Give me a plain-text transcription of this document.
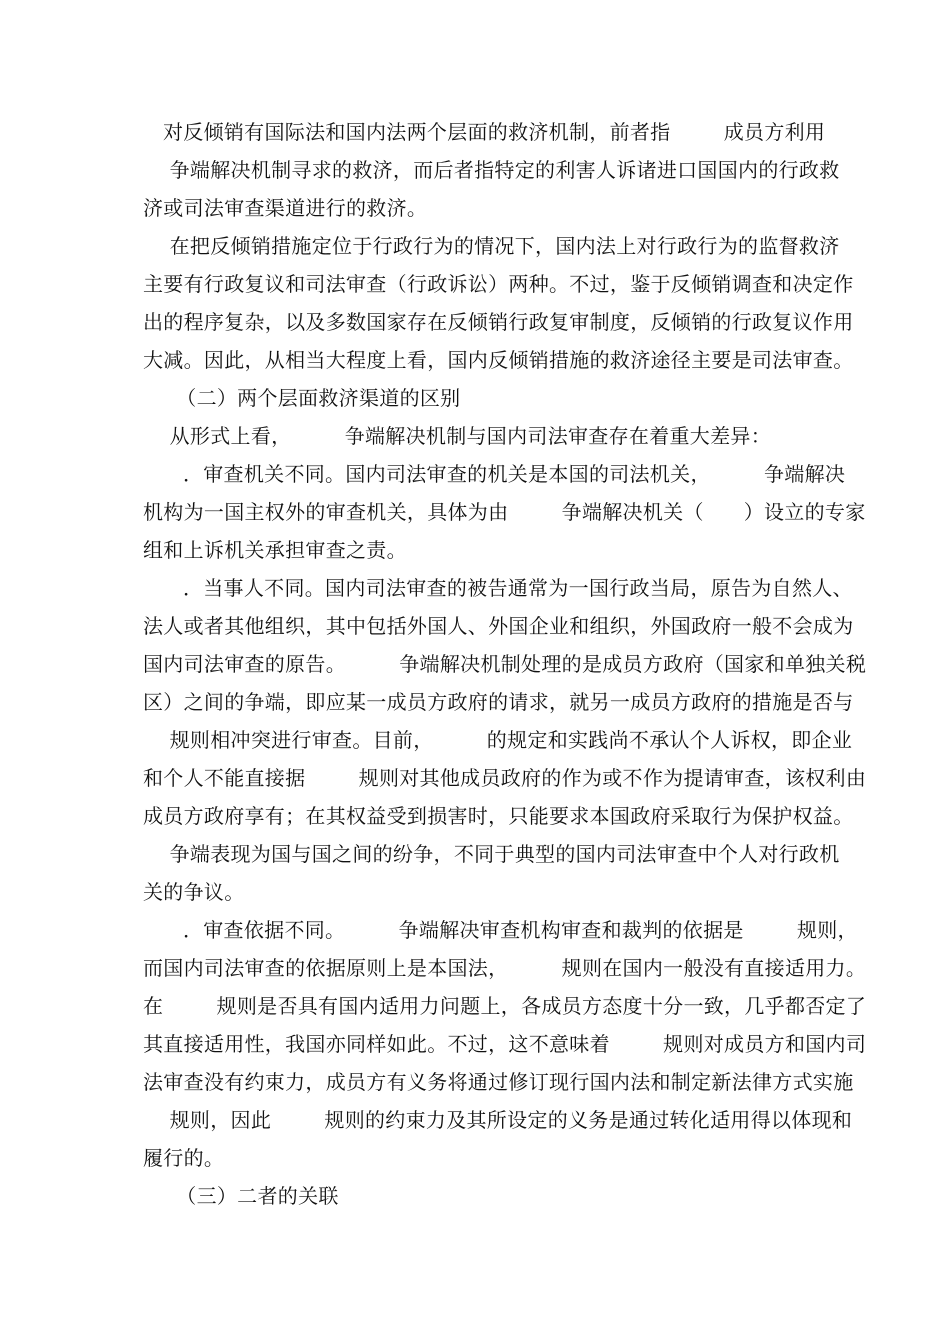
对反倾销有国际法和国内法两个层面的救济机制，前者指        成员方利用
争端解决机制寻求的救济，而后者指特定的利害人诉诸进口国国内的行政救
济或司法审查渠道进行的救济。
在把反倾销措施定位于行政行为的情况下，国内法上对行政行为的监督救济
主要有行政复议和司法审查（行政诉讼）两种。不过，鉴于反倾销调查和决定作
出的程序复杂，以及多数国家存在反倾销行政复审制度，反倾销的行政复议作用
大减。因此，从相当大程度上看，国内反倾销措施的救济途径主要是司法审查。
（二）两个层面救济渠道的区别
从形式上看，        争端解决机制与国内司法审查存在着重大差异：
．审查机关不同。国内司法审查的机关是本国的司法机关，        争端解决
机构为一国主权外的审查机关，具体为由        争端解决机关（      ）设立的专家
组和上诉机关承担审查之责。
．当事人不同。国内司法审查的被告通常为一国行政当局，原告为自然人、
法人或者其他组织，其中包括外国人、外国企业和组织，外国政府一般不会成为
国内司法审查的原告。        争端解决机制处理的是成员方政府（国家和单独关税
区）之间的争端，即应某一成员方政府的请求，就另一成员方政府的措施是否与
规则相冲突进行审查。目前，        的规定和实践尚不承认个人诉权，即企业
和个人不能直接据        规则对其他成员政府的作为或不作为提请审查，该权利由
成员方政府享有；在其权益受到损害时，只能要求本国政府采取行为保护权益。
争端表现为国与国之间的纷争，不同于典型的国内司法审查中个人对行政机
关的争议。
．审查依据不同。        争端解决审查机构审查和裁判的依据是        规则，
而国内司法审查的依据原则上是本国法，        规则在国内一般没有直接适用力。
在        规则是否具有国内适用力问题上，各成员方态度十分一致，几乎都否定了
其直接适用性，我国亦同样如此。不过，这不意味着        规则对成员方和国内司
法审查没有约束力，成员方有义务将通过修订现行国内法和制定新法律方式实施
规则，因此        规则的约束力及其所设定的义务是通过转化适用得以体现和
履行的。
（三）二者的关联
